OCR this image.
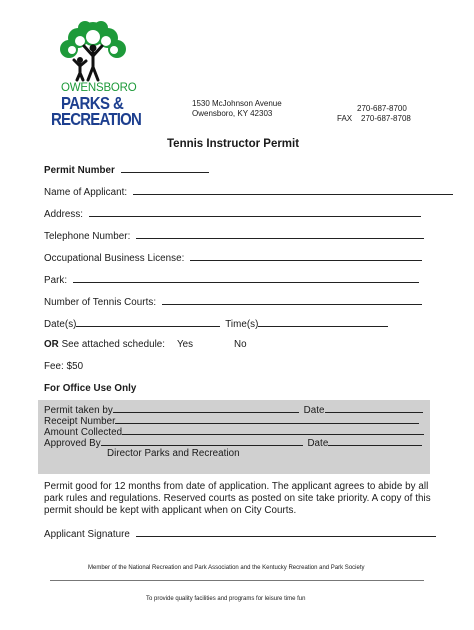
OWENSBORO
PARKS &
RECREATION
1530 McJohnson Avenue
Owensboro, KY 42303
270-687-8700
FAX 270-687-8708
Tennis Instructor Permit
Permit Number
Name of Applicant:
Address:
Telephone Number:
Occupational Business License:
Park:
Number of Tennis Courts:
Date(s)	Time(s)
OR See attached schedule: Yes	No
Fee: $50
For Office Use Only
Permit taken by	Date
Receipt Number
Amount Collected
Approved By	Date
Director Parks and Recreation
Permit good for 12 months from date of application. The applicant agrees to abide by all
park rules and regulations. Reserved courts as posted on site take priority. A copy of this
permit should be kept with applicant when on City Courts.
Applicant Signature
Member of the National Recreation and Park Association and the Kentucky Recreation and Park Society
To provide quality facilities and programs for leisure time fun
